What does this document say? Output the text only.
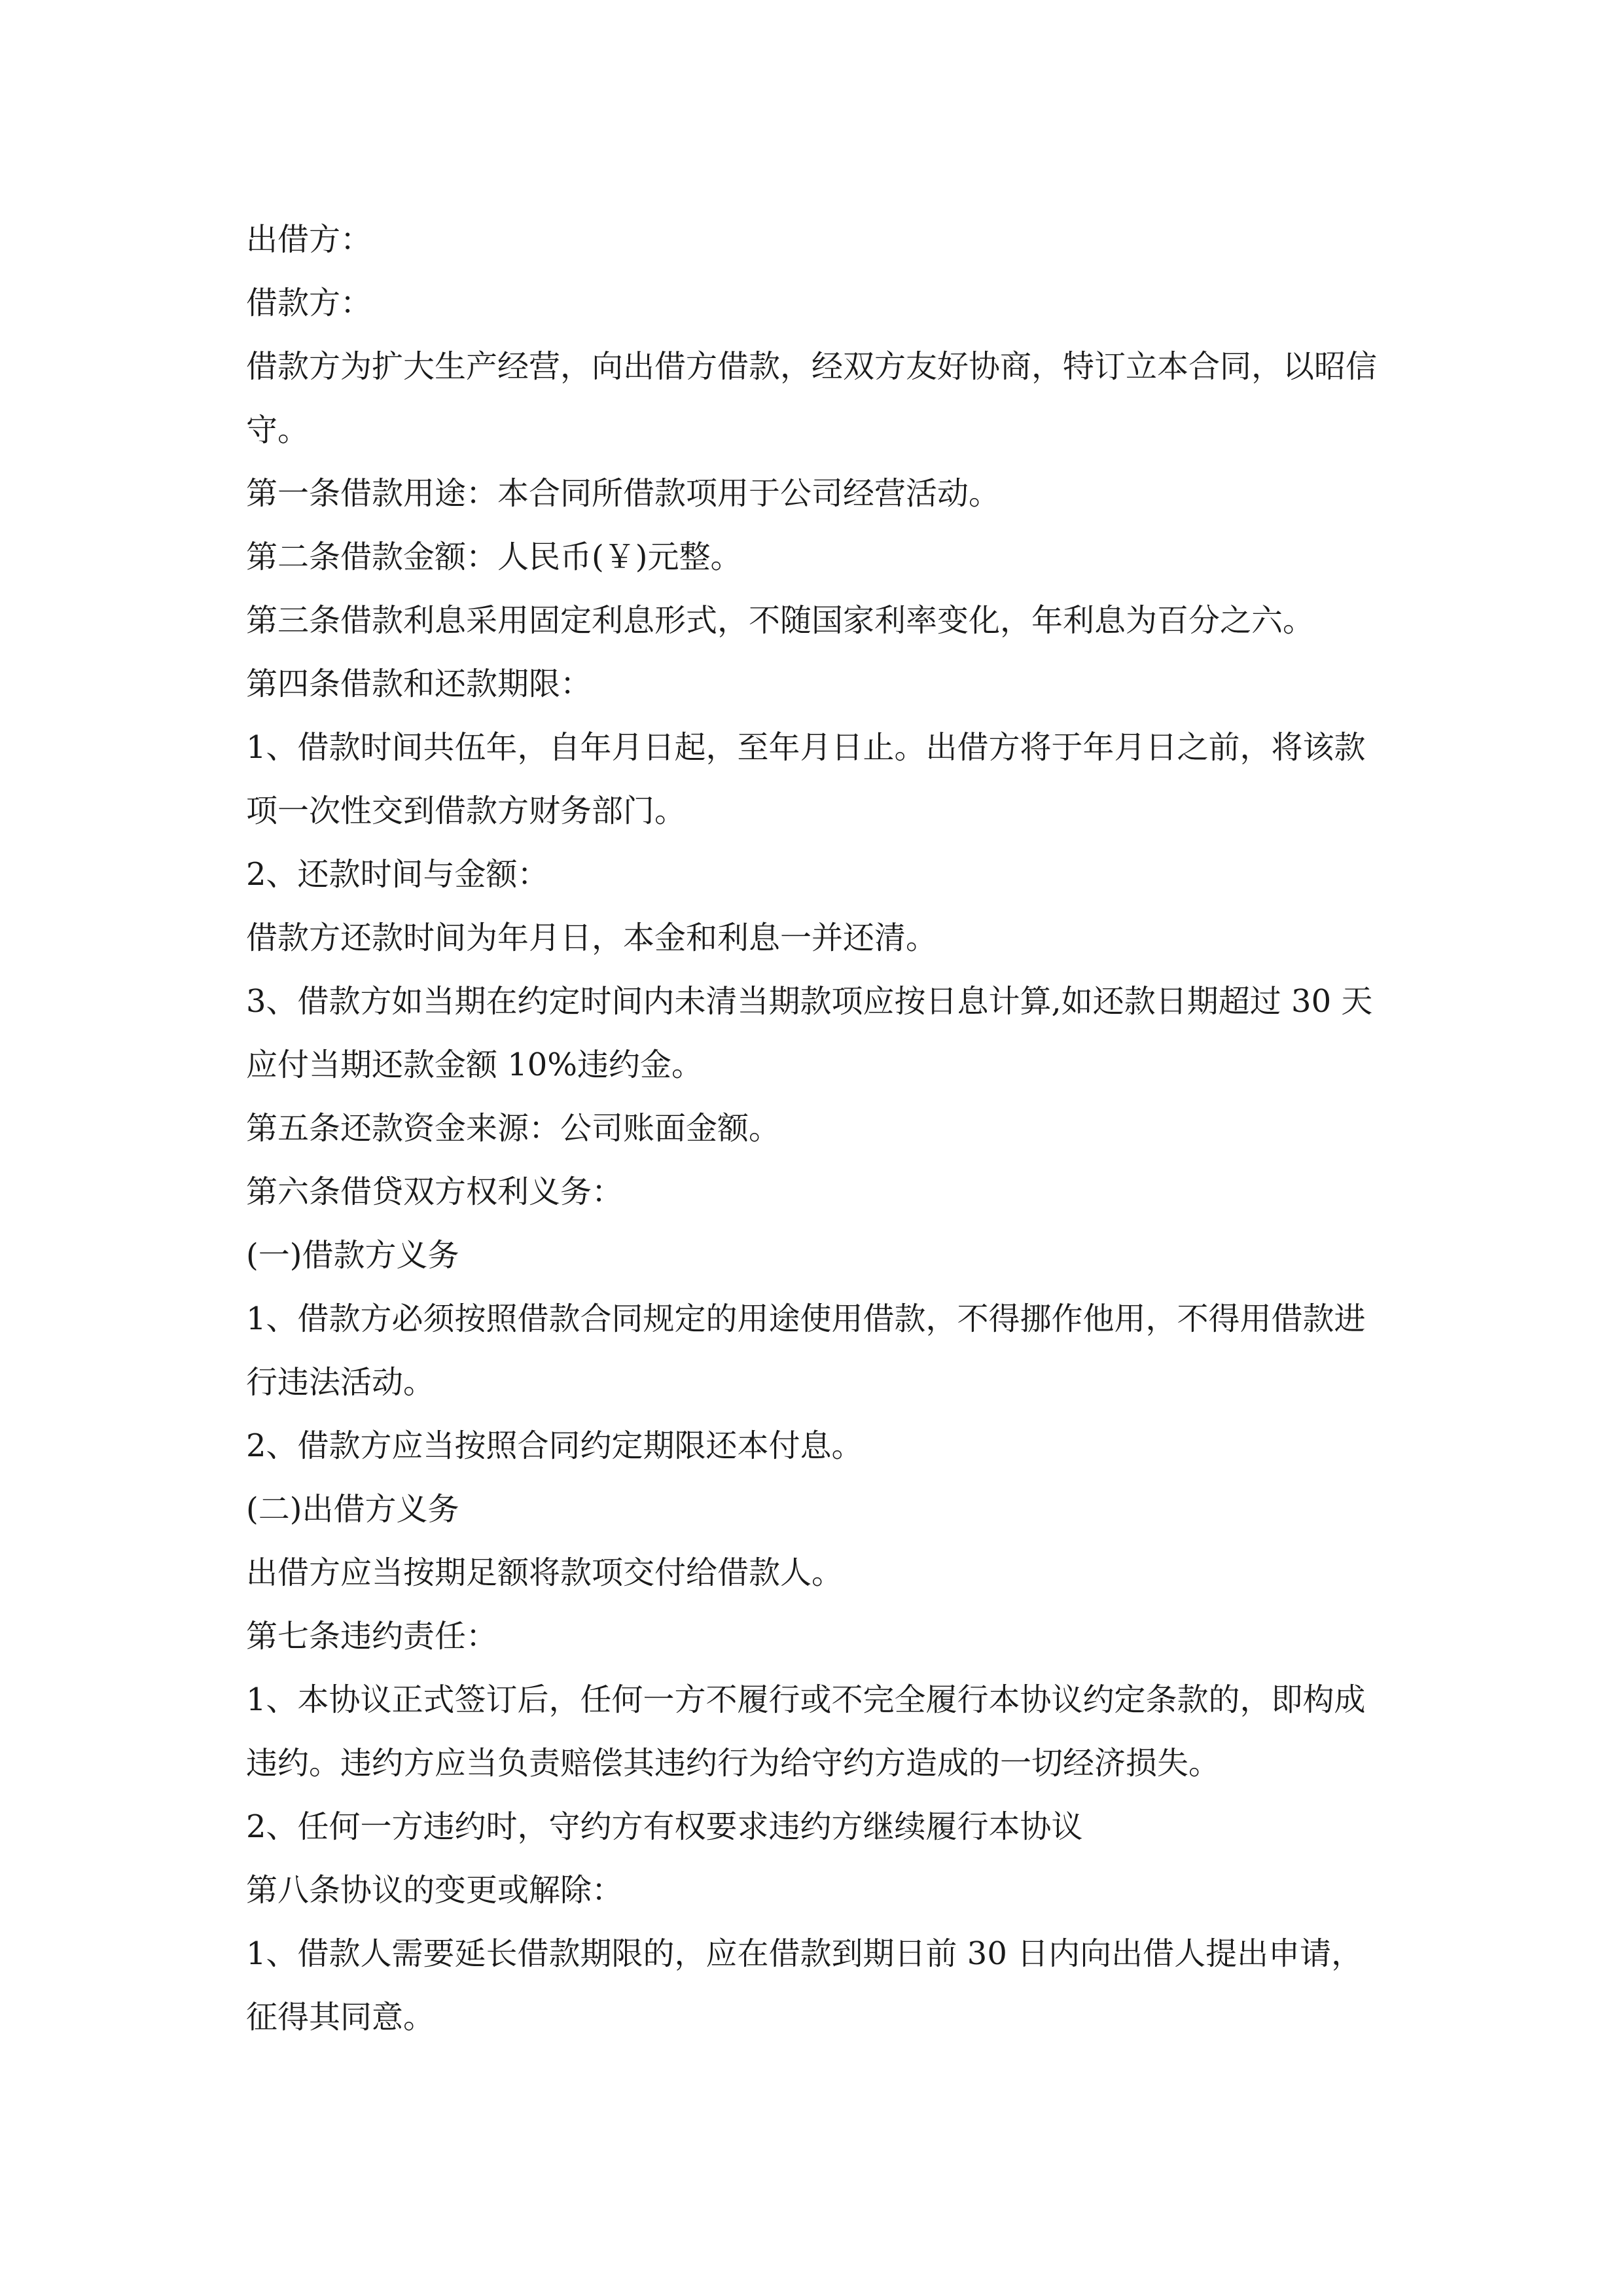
出借方：

借款方：

借款方为扩大生产经营，向出借方借款，经双方友好协商，特订立本合同，以昭信守。

第一条借款用途：本合同所借款项用于公司经营活动。

第二条借款金额：人民币(￥)元整。

第三条借款利息采用固定利息形式，不随国家利率变化，年利息为百分之六。

第四条借款和还款期限：

1、借款时间共伍年，自年月日起，至年月日止。出借方将于年月日之前，将该款项一次性交到借款方财务部门。

2、还款时间与金额：

借款方还款时间为年月日，本金和利息一并还清。

3、借款方如当期在约定时间内未清当期款项应按日息计算,如还款日期超过 30 天应付当期还款金额 10%违约金。

第五条还款资金来源：公司账面金额。

第六条借贷双方权利义务：

(一)借款方义务

1、借款方必须按照借款合同规定的用途使用借款，不得挪作他用，不得用借款进行违法活动。

2、借款方应当按照合同约定期限还本付息。

(二)出借方义务

出借方应当按期足额将款项交付给借款人。

第七条违约责任：

1、本协议正式签订后，任何一方不履行或不完全履行本协议约定条款的，即构成违约。违约方应当负责赔偿其违约行为给守约方造成的一切经济损失。

2、任何一方违约时，守约方有权要求违约方继续履行本协议

第八条协议的变更或解除：

1、借款人需要延长借款期限的，应在借款到期日前 30 日内向出借人提出申请，征得其同意。
